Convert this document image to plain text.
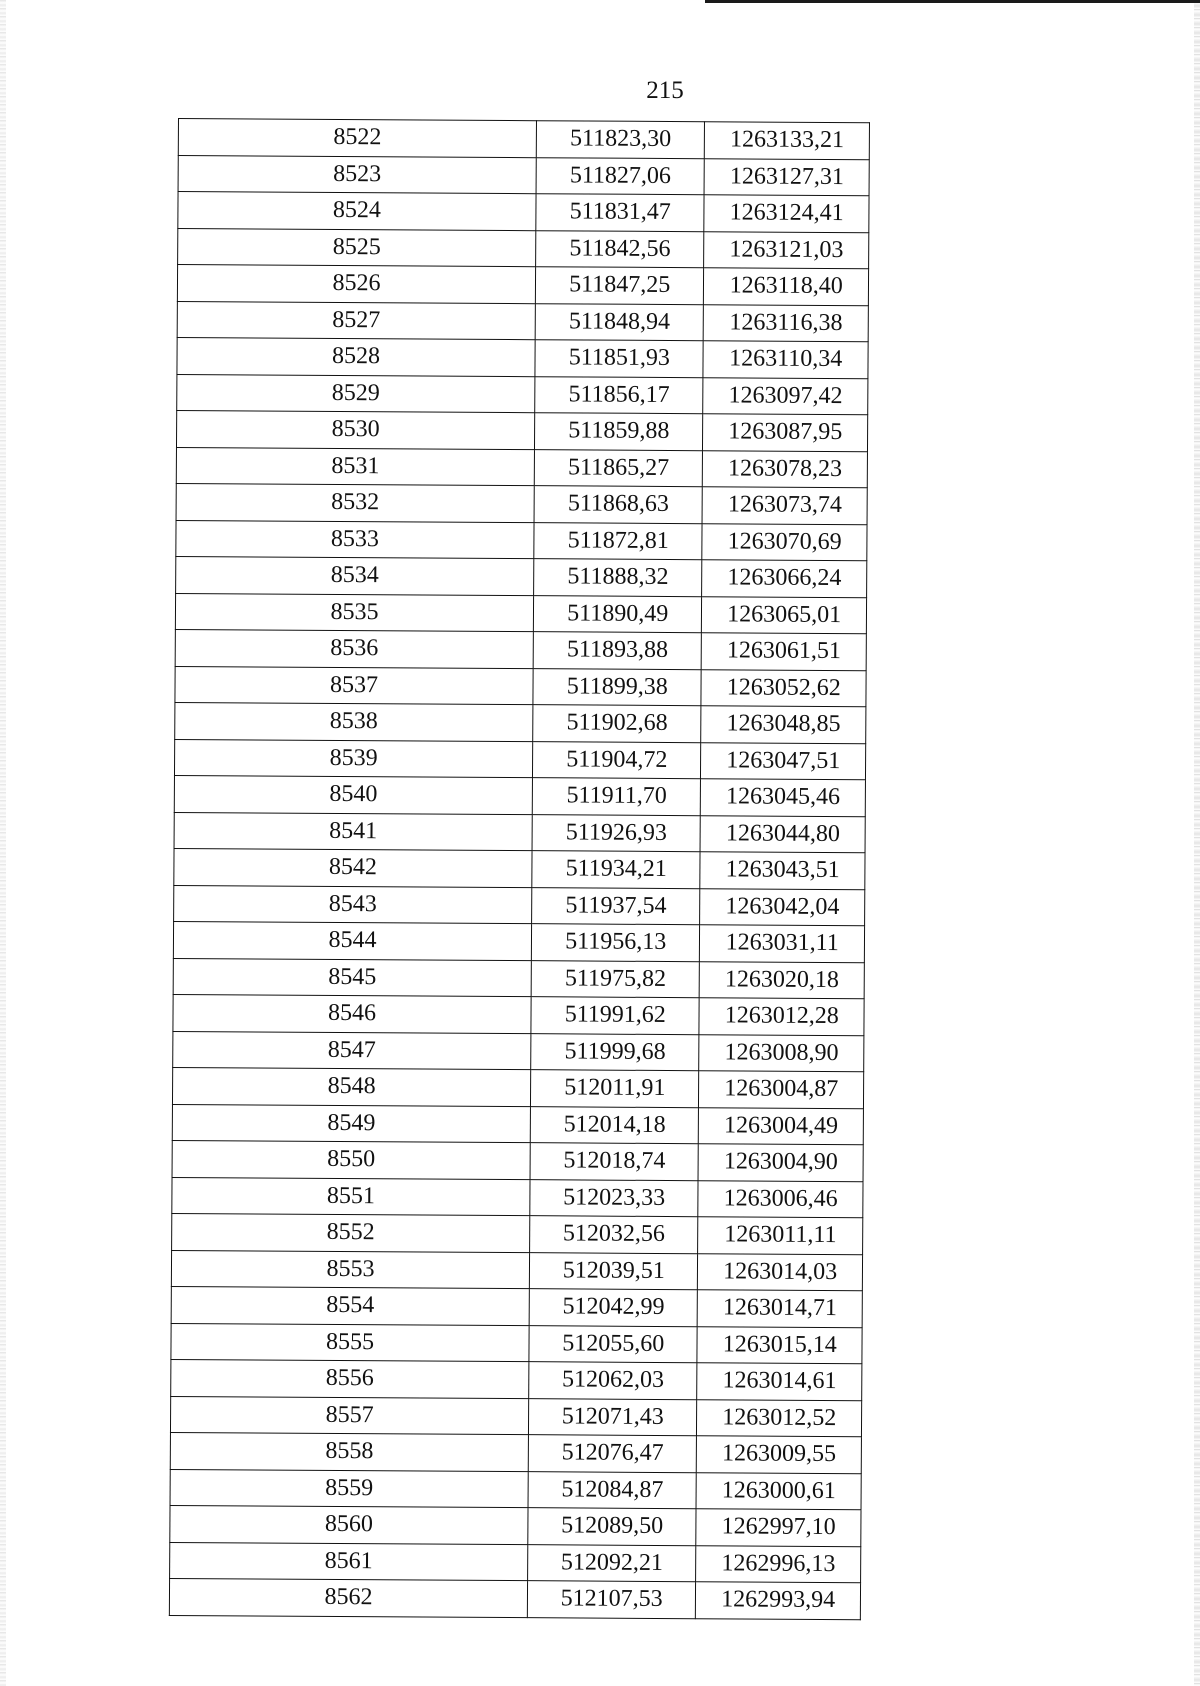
215
8522	511823,30	1263133,21
8523	511827,06	1263127,31
8524	511831,47	1263124,41
8525	511842,56	1263121,03
8526	511847,25	1263118,40
8527	511848,94	1263116,38
8528	511851,93	1263110,34
8529	511856,17	1263097,42
8530	511859,88	1263087,95
8531	511865,27	1263078,23
8532	511868,63	1263073,74
8533	511872,81	1263070,69
8534	511888,32	1263066,24
8535	511890,49	1263065,01
8536	511893,88	1263061,51
8537	511899,38	1263052,62
8538	511902,68	1263048,85
8539	511904,72	1263047,51
8540	511911,70	1263045,46
8541	511926,93	1263044,80
8542	511934,21	1263043,51
8543	511937,54	1263042,04
8544	511956,13	1263031,11
8545	511975,82	1263020,18
8546	511991,62	1263012,28
8547	511999,68	1263008,90
8548	512011,91	1263004,87
8549	512014,18	1263004,49
8550	512018,74	1263004,90
8551	512023,33	1263006,46
8552	512032,56	1263011,11
8553	512039,51	1263014,03
8554	512042,99	1263014,71
8555	512055,60	1263015,14
8556	512062,03	1263014,61
8557	512071,43	1263012,52
8558	512076,47	1263009,55
8559	512084,87	1263000,61
8560	512089,50	1262997,10
8561	512092,21	1262996,13
8562	512107,53	1262993,94
